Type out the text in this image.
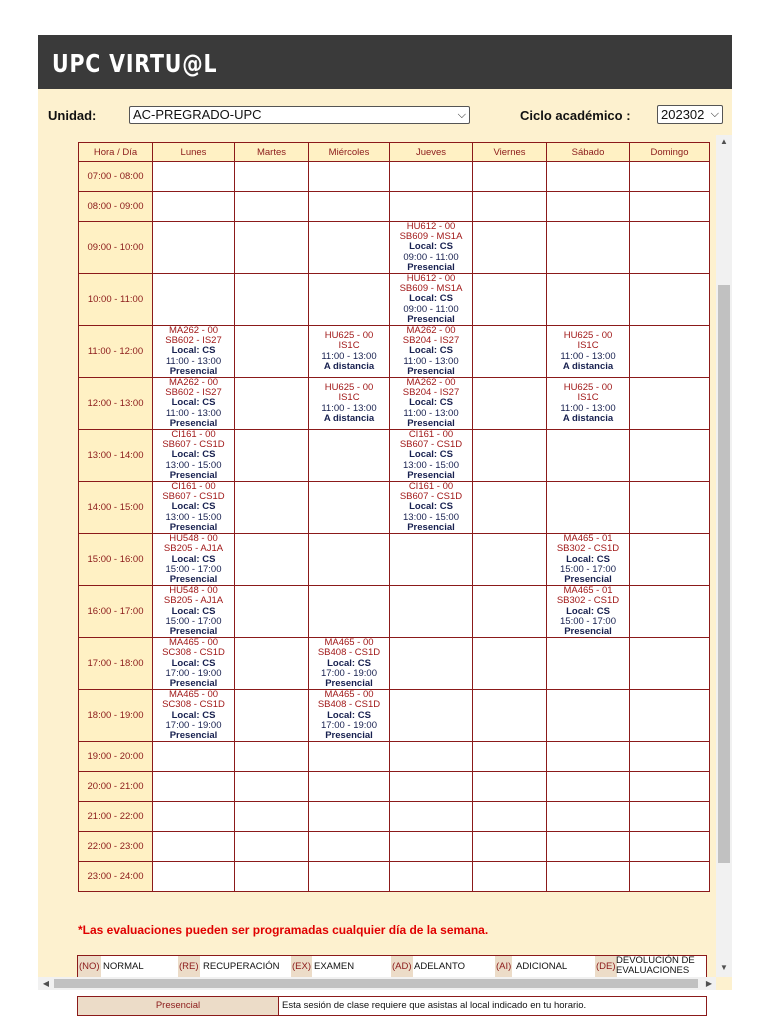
UPC VIRTU@L
Unidad:	AC-PREGRADO-UPC	⌵	Ciclo académico :	202302 ⌵
Hora / Día	Lunes	Martes	Miércoles	Jueves	Viernes	Sábado	Domingo
07:00 - 08:00							
08:00 - 09:00							
09:00 - 10:00				HU612 - 00
SB609 - MS1A
Local: CS
09:00 - 11:00
Presencial			

10:00 - 11:00				HU612 - 00
SB609 - MS1A
Local: CS
09:00 - 11:00
Presencial			

11:00 - 12:00	MA262 - 00
SB602 - IS27
Local: CS
11:00 - 13:00
Presencial		HU625 - 00
IS1C
11:00 - 13:00
A distancia	MA262 - 00
SB204 - IS27
Local: CS
11:00 - 13:00
Presencial		HU625 - 00
IS1C
11:00 - 13:00
A distancia	

12:00 - 13:00	MA262 - 00
SB602 - IS27
Local: CS
11:00 - 13:00
Presencial		HU625 - 00
IS1C
11:00 - 13:00
A distancia	MA262 - 00
SB204 - IS27
Local: CS
11:00 - 13:00
Presencial		HU625 - 00
IS1C
11:00 - 13:00
A distancia	

13:00 - 14:00	CI161 - 00
SB607 - CS1D
Local: CS
13:00 - 15:00
Presencial			CI161 - 00
SB607 - CS1D
Local: CS
13:00 - 15:00
Presencial			

14:00 - 15:00	CI161 - 00
SB607 - CS1D
Local: CS
13:00 - 15:00
Presencial			CI161 - 00
SB607 - CS1D
Local: CS
13:00 - 15:00
Presencial			

15:00 - 16:00	HU548 - 00
SB205 - AJ1A
Local: CS
15:00 - 17:00
Presencial					MA465 - 01
SB302 - CS1D
Local: CS
15:00 - 17:00
Presencial	

16:00 - 17:00	HU548 - 00
SB205 - AJ1A
Local: CS
15:00 - 17:00
Presencial					MA465 - 01
SB302 - CS1D
Local: CS
15:00 - 17:00
Presencial	

17:00 - 18:00	MA465 - 00
SC308 - CS1D
Local: CS
17:00 - 19:00
Presencial		MA465 - 00
SB408 - CS1D
Local: CS
17:00 - 19:00
Presencial				

18:00 - 19:00	MA465 - 00
SC308 - CS1D
Local: CS
17:00 - 19:00
Presencial		MA465 - 00
SB408 - CS1D
Local: CS
17:00 - 19:00
Presencial				

19:00 - 20:00							
20:00 - 21:00							
21:00 - 22:00							
22:00 - 23:00							
23:00 - 24:00							
*Las evaluaciones pueden ser programadas cualquier día de la semana.
(NO) NORMAL	(RE) RECUPERACIÓN (EX) EXAMEN	(AD) ADELANTO	(AI) ADICIONAL	(DE)
DEVOLUCIÓN DE EVALUACIONES
Presencial	Esta sesión de clase requiere que asistas al local indicado en tu horario.
▲
▼
◀	▶
